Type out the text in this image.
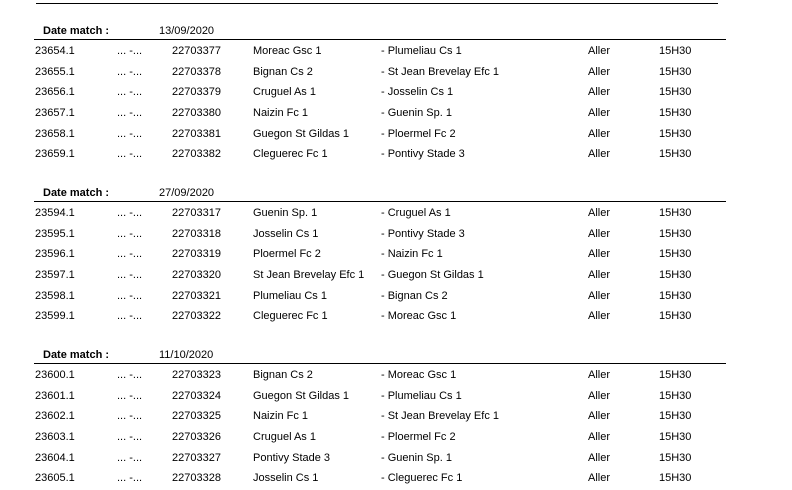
Date match :	13/09/2020
23654.1	... -...	22703377	Moreac Gsc 1	- Plumeliau Cs 1	Aller	15H30
23655.1	... -...	22703378	Bignan Cs 2	- St Jean Brevelay Efc 1	Aller	15H30
23656.1	... -...	22703379	Cruguel As 1	- Josselin Cs 1	Aller	15H30
23657.1	... -...	22703380	Naizin Fc 1	- Guenin Sp. 1	Aller	15H30
23658.1	... -...	22703381	Guegon St Gildas 1	- Ploermel Fc 2	Aller	15H30
23659.1	... -...	22703382	Cleguerec Fc 1	- Pontivy Stade 3	Aller	15H30
Date match :	27/09/2020
23594.1	... -...	22703317	Guenin Sp. 1	- Cruguel As 1	Aller	15H30
23595.1	... -...	22703318	Josselin Cs 1	- Pontivy Stade 3	Aller	15H30
23596.1	... -...	22703319	Ploermel Fc 2	- Naizin Fc 1	Aller	15H30
23597.1	... -...	22703320	St Jean Brevelay Efc 1 - Guegon St Gildas 1	Aller	15H30
23598.1	... -...	22703321	Plumeliau Cs 1	- Bignan Cs 2	Aller	15H30
23599.1	... -...	22703322	Cleguerec Fc 1	- Moreac Gsc 1	Aller	15H30
Date match :	11/10/2020
23600.1	... -...	22703323	Bignan Cs 2	- Moreac Gsc 1	Aller	15H30
23601.1	... -...	22703324	Guegon St Gildas 1	- Plumeliau Cs 1	Aller	15H30
23602.1	... -...	22703325	Naizin Fc 1	- St Jean Brevelay Efc 1	Aller	15H30
23603.1	... -...	22703326	Cruguel As 1	- Ploermel Fc 2	Aller	15H30
23604.1	... -...	22703327	Pontivy Stade 3	- Guenin Sp. 1	Aller	15H30
23605.1	... -...	22703328	Josselin Cs 1	- Cleguerec Fc 1	Aller	15H30
